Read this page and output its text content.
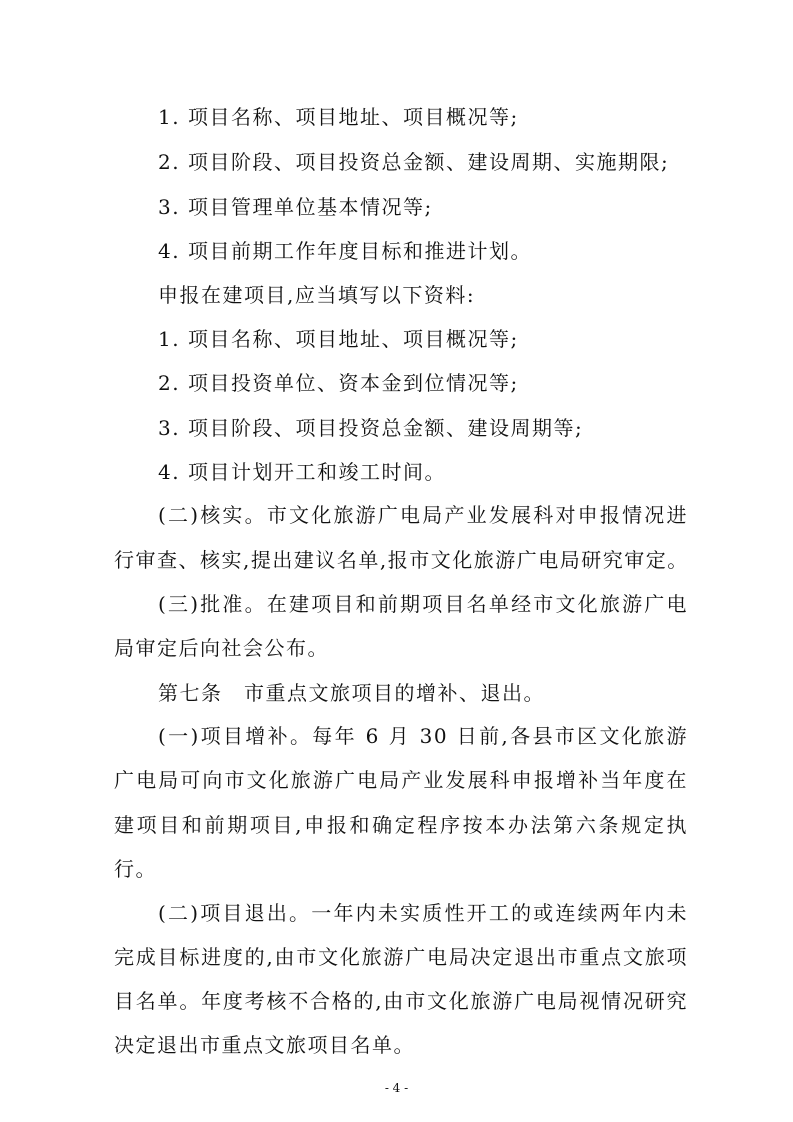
1. 项目名称、项目地址、项目概况等;
2. 项目阶段、项目投资总金额、建设周期、实施期限;
3. 项目管理单位基本情况等;
4. 项目前期工作年度目标和推进计划。
申报在建项目,应当填写以下资料:
1. 项目名称、项目地址、项目概况等;
2. 项目投资单位、资本金到位情况等;
3. 项目阶段、项目投资总金额、建设周期等;
4. 项目计划开工和竣工时间。
(二)核实。市文化旅游广电局产业发展科对申报情况进
行审查、核实,提出建议名单,报市文化旅游广电局研究审定。
(三)批准。在建项目和前期项目名单经市文化旅游广电
局审定后向社会公布。
第七条　市重点文旅项目的增补、退出。
(一)项目增补。每年 6 月 30 日前,各县市区文化旅游
广电局可向市文化旅游广电局产业发展科申报增补当年度在
建项目和前期项目,申报和确定程序按本办法第六条规定执
行。
(二)项目退出。一年内未实质性开工的或连续两年内未
完成目标进度的,由市文化旅游广电局决定退出市重点文旅项
目名单。年度考核不合格的,由市文化旅游广电局视情况研究
决定退出市重点文旅项目名单。
- 4 -
